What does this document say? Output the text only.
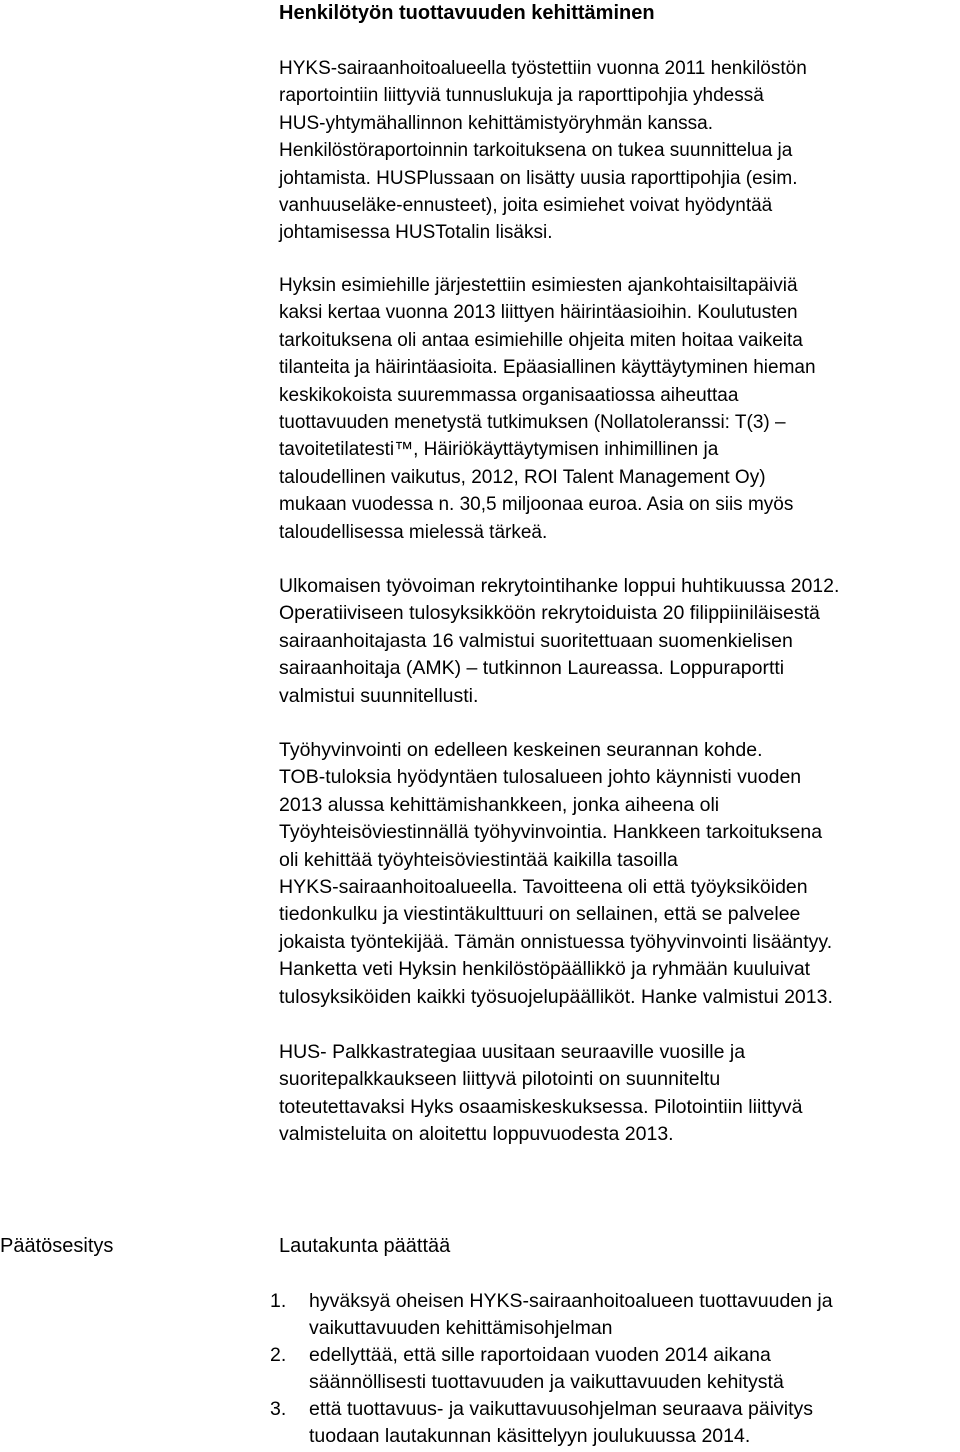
Henkilötyön tuottavuuden kehittäminen

HYKS-sairaanhoitoalueella työstettiin vuonna 2011 henkilöstön
raportointiin liittyviä tunnuslukuja ja raporttipohjia yhdessä
HUS-yhtymähallinnon kehittämistyöryhmän kanssa.
Henkilöstöraportoinnin tarkoituksena on tukea suunnittelua ja
johtamista. HUSPlussaan on lisätty uusia raporttipohjia (esim.
vanhuuseläke-ennusteet), joita esimiehet voivat hyödyntää
johtamisessa HUSTotalin lisäksi.

Hyksin esimiehille järjestettiin esimiesten ajankohtaisiltapäiviä
kaksi kertaa vuonna 2013 liittyen häirintäasioihin. Koulutusten
tarkoituksena oli antaa esimiehille ohjeita miten hoitaa vaikeita
tilanteita ja häirintäasioita. Epäasiallinen käyttäytyminen hieman
keskikokoista suuremmassa organisaatiossa aiheuttaa
tuottavuuden menetystä tutkimuksen (Nollatoleranssi: T(3) –
tavoitetilatesti™, Häiriökäyttäytymisen inhimillinen ja
taloudellinen vaikutus, 2012, ROI Talent Management Oy)
mukaan vuodessa n. 30,5 miljoonaa euroa. Asia on siis myös
taloudellisessa mielessä tärkeä.

Ulkomaisen työvoiman rekrytointihanke loppui huhtikuussa 2012.
Operatiiviseen tulosyksikköön rekrytoiduista 20 filippiiniläisestä
sairaanhoitajasta 16 valmistui suoritettuaan suomenkielisen
sairaanhoitaja (AMK) – tutkinnon Laureassa. Loppuraportti
valmistui suunnitellusti.

Työhyvinvointi on edelleen keskeinen seurannan kohde.
TOB-tuloksia hyödyntäen tulosalueen johto käynnisti vuoden
2013 alussa kehittämishankkeen, jonka aiheena oli
Työyhteisöviestinnällä työhyvinvointia. Hankkeen tarkoituksena
oli kehittää työyhteisöviestintää kaikilla tasoilla
HYKS-sairaanhoitoalueella. Tavoitteena oli että työyksiköiden
tiedonkulku ja viestintäkulttuuri on sellainen, että se palvelee
jokaista työntekijää. Tämän onnistuessa työhyvinvointi lisääntyy.
Hanketta veti Hyksin henkilöstöpäällikkö ja ryhmään kuuluivat
tulosyksiköiden kaikki työsuojelupäälliköt. Hanke valmistui 2013.

HUS- Palkkastrategiaa uusitaan seuraaville vuosille ja
suoritepalkkaukseen liittyvä pilotointi on suunniteltu
toteutettavaksi Hyks osaamiskeskuksessa. Pilotointiin liittyvä
valmisteluita on aloitettu loppuvuodesta 2013.

Päätösesitys	Lautakunta päättää
1. hyväksyä oheisen HYKS-sairaanhoitoalueen tuottavuuden ja
vaikuttavuuden kehittämisohjelman
2. edellyttää, että sille raportoidaan vuoden 2014 aikana
säännöllisesti tuottavuuden ja vaikuttavuuden kehitystä
3. että tuottavuus- ja vaikuttavuusohjelman seuraava päivitys
tuodaan lautakunnan käsittelyyn joulukuussa 2014.
